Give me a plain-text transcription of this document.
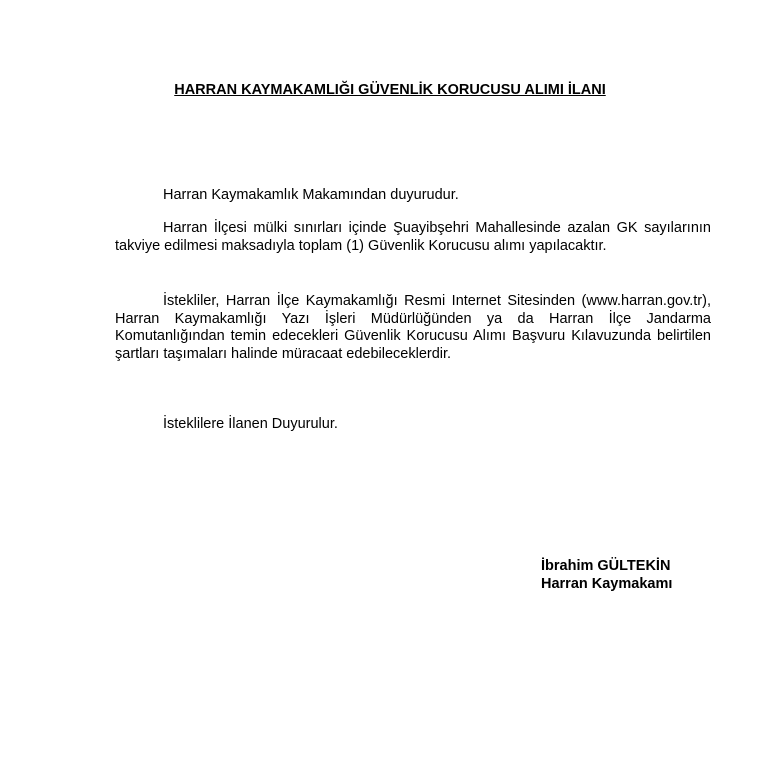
HARRAN KAYMAKAMLIĞI GÜVENLİK KORUCUSU ALIMI İLANI

Harran Kaymakamlık Makamından duyurudur.

Harran İlçesi mülki sınırları içinde Şuayibşehri Mahallesinde azalan GK sayılarının takviye edilmesi maksadıyla toplam (1) Güvenlik Korucusu alımı yapılacaktır.

İstekliler, Harran İlçe Kaymakamlığı Resmi Internet Sitesinden (www.harran.gov.tr), Harran Kaymakamlığı Yazı İşleri Müdürlüğünden ya da Harran İlçe Jandarma Komutanlığından temin edecekleri Güvenlik Korucusu Alımı Başvuru Kılavuzunda belirtilen şartları taşımaları halinde müracaat edebileceklerdir.

İsteklilere İlanen Duyurulur.

İbrahim GÜLTEKİN
Harran Kaymakamı
